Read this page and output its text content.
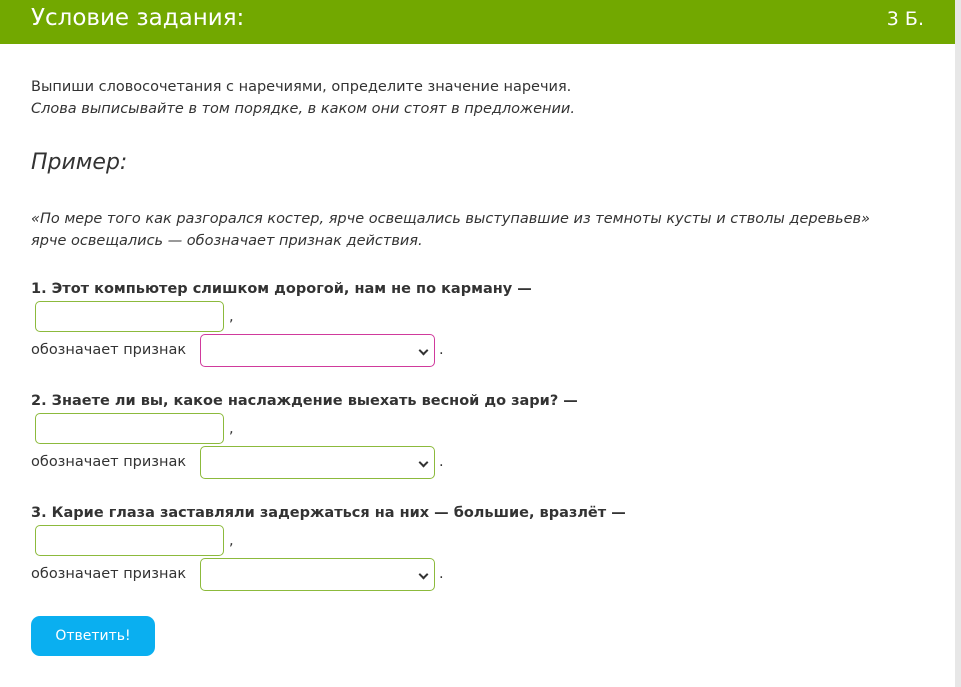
Условие задания:	3 Б.
Выпиши словосочетания с наречиями, определите значение наречия.
Слова выписывайте в том порядке, в каком они стоят в предложении.
Пример:
«По мере того как разгорался костер, ярче освещались выступавшие из темноты кусты и стволы деревьев»
ярче освещались — обозначает признак действия.
1. Этот компьютер слишком дорогой, нам не по карману —
,
обозначает признак	.
2. Знаете ли вы, какое наслаждение выехать весной до зари? —
,
обозначает признак	.
3. Карие глаза заставляли задержаться на них — большие, вразлёт —
,
обозначает признак	.
Ответить!
